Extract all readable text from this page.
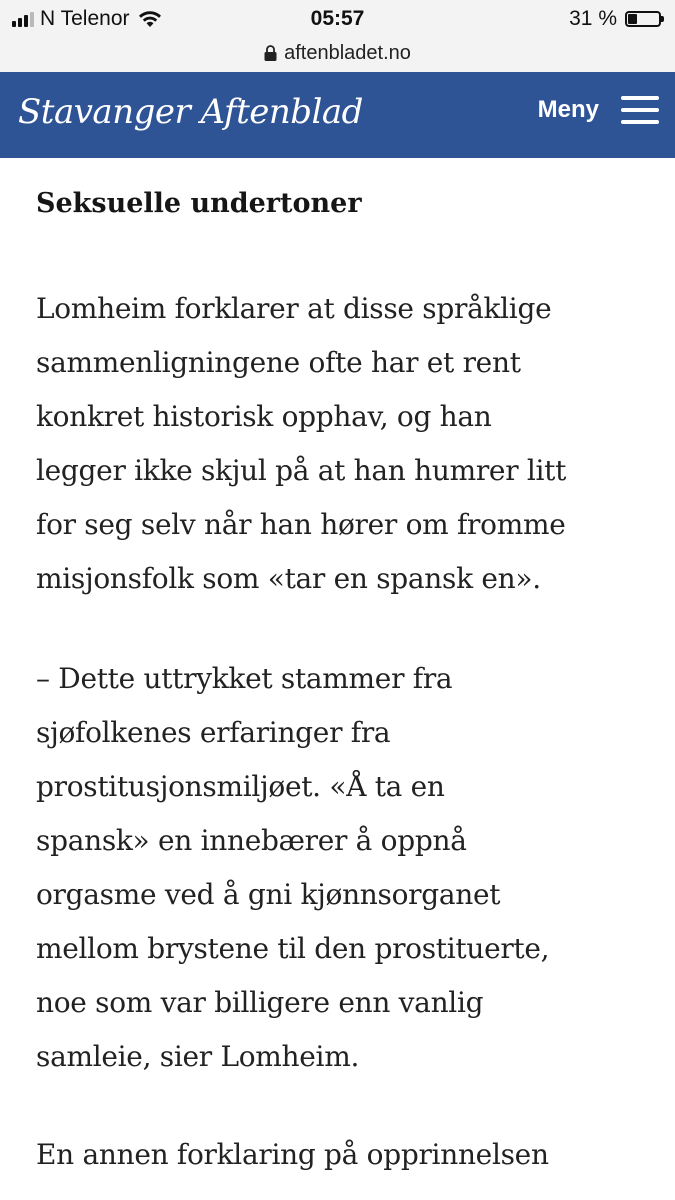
N Telenor	05:57	31 %
aftenbladet.no
Stavanger Aftenblad	Meny
Seksuelle undertoner

Lomheim forklarer at disse språklige
sammenligningene ofte har et rent
konkret historisk opphav, og han
legger ikke skjul på at han humrer litt
for seg selv når han hører om fromme
misjonsfolk som «tar en spansk en».

– Dette uttrykket stammer fra
sjøfolkenes erfaringer fra
prostitusjonsmiljøet. «Å ta en
spansk» en innebærer å oppnå
orgasme ved å gni kjønnsorganet
mellom brystene til den prostituerte,
noe som var billigere enn vanlig
samleie, sier Lomheim.

En annen forklaring på opprinnelsen
